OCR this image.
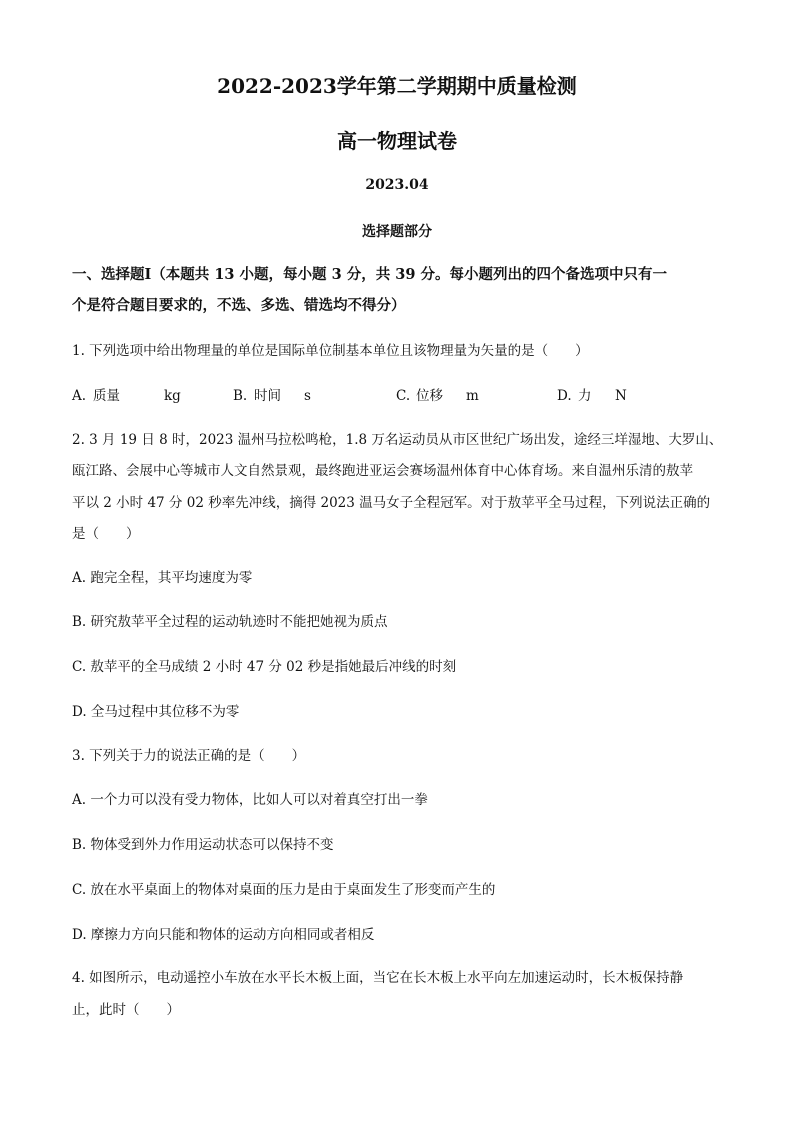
2022-2023学年第二学期期中质量检测
高一物理试卷
2023.04
选择题部分
一、选择题Ⅰ（本题共 13 小题，每小题 3 分，共 39 分。每小题列出的四个备选项中只有一
个是符合题目要求的，不选、多选、错选均不得分）
1. 下列选项中给出物理量的单位是国际单位制基本单位且该物理量为矢量的是（　　）
A. 质量	kg	B. 时间 s	C. 位移 m	D. 力 N
2. 3 月 19 日 8 时，2023 温州马拉松鸣枪，1.8 万名运动员从市区世纪广场出发，途经三垟湿地、大罗山、
瓯江路、会展中心等城市人文自然景观，最终跑进亚运会赛场温州体育中心体育场。来自温州乐清的敖苹
平以 2 小时 47 分 02 秒率先冲线，摘得 2023 温马女子全程冠军。对于敖苹平全马过程，下列说法正确的
是（　　）
A. 跑完全程，其平均速度为零
B. 研究敖苹平全过程的运动轨迹时不能把她视为质点
C. 敖苹平的全马成绩 2 小时 47 分 02 秒是指她最后冲线的时刻
D. 全马过程中其位移不为零
3. 下列关于力的说法正确的是（　　）
A. 一个力可以没有受力物体，比如人可以对着真空打出一拳
B. 物体受到外力作用运动状态可以保持不变
C. 放在水平桌面上的物体对桌面的压力是由于桌面发生了形变而产生的
D. 摩擦力方向只能和物体的运动方向相同或者相反
4. 如图所示，电动遥控小车放在水平长木板上面，当它在长木板上水平向左加速运动时，长木板保持静
止，此时（　　）
